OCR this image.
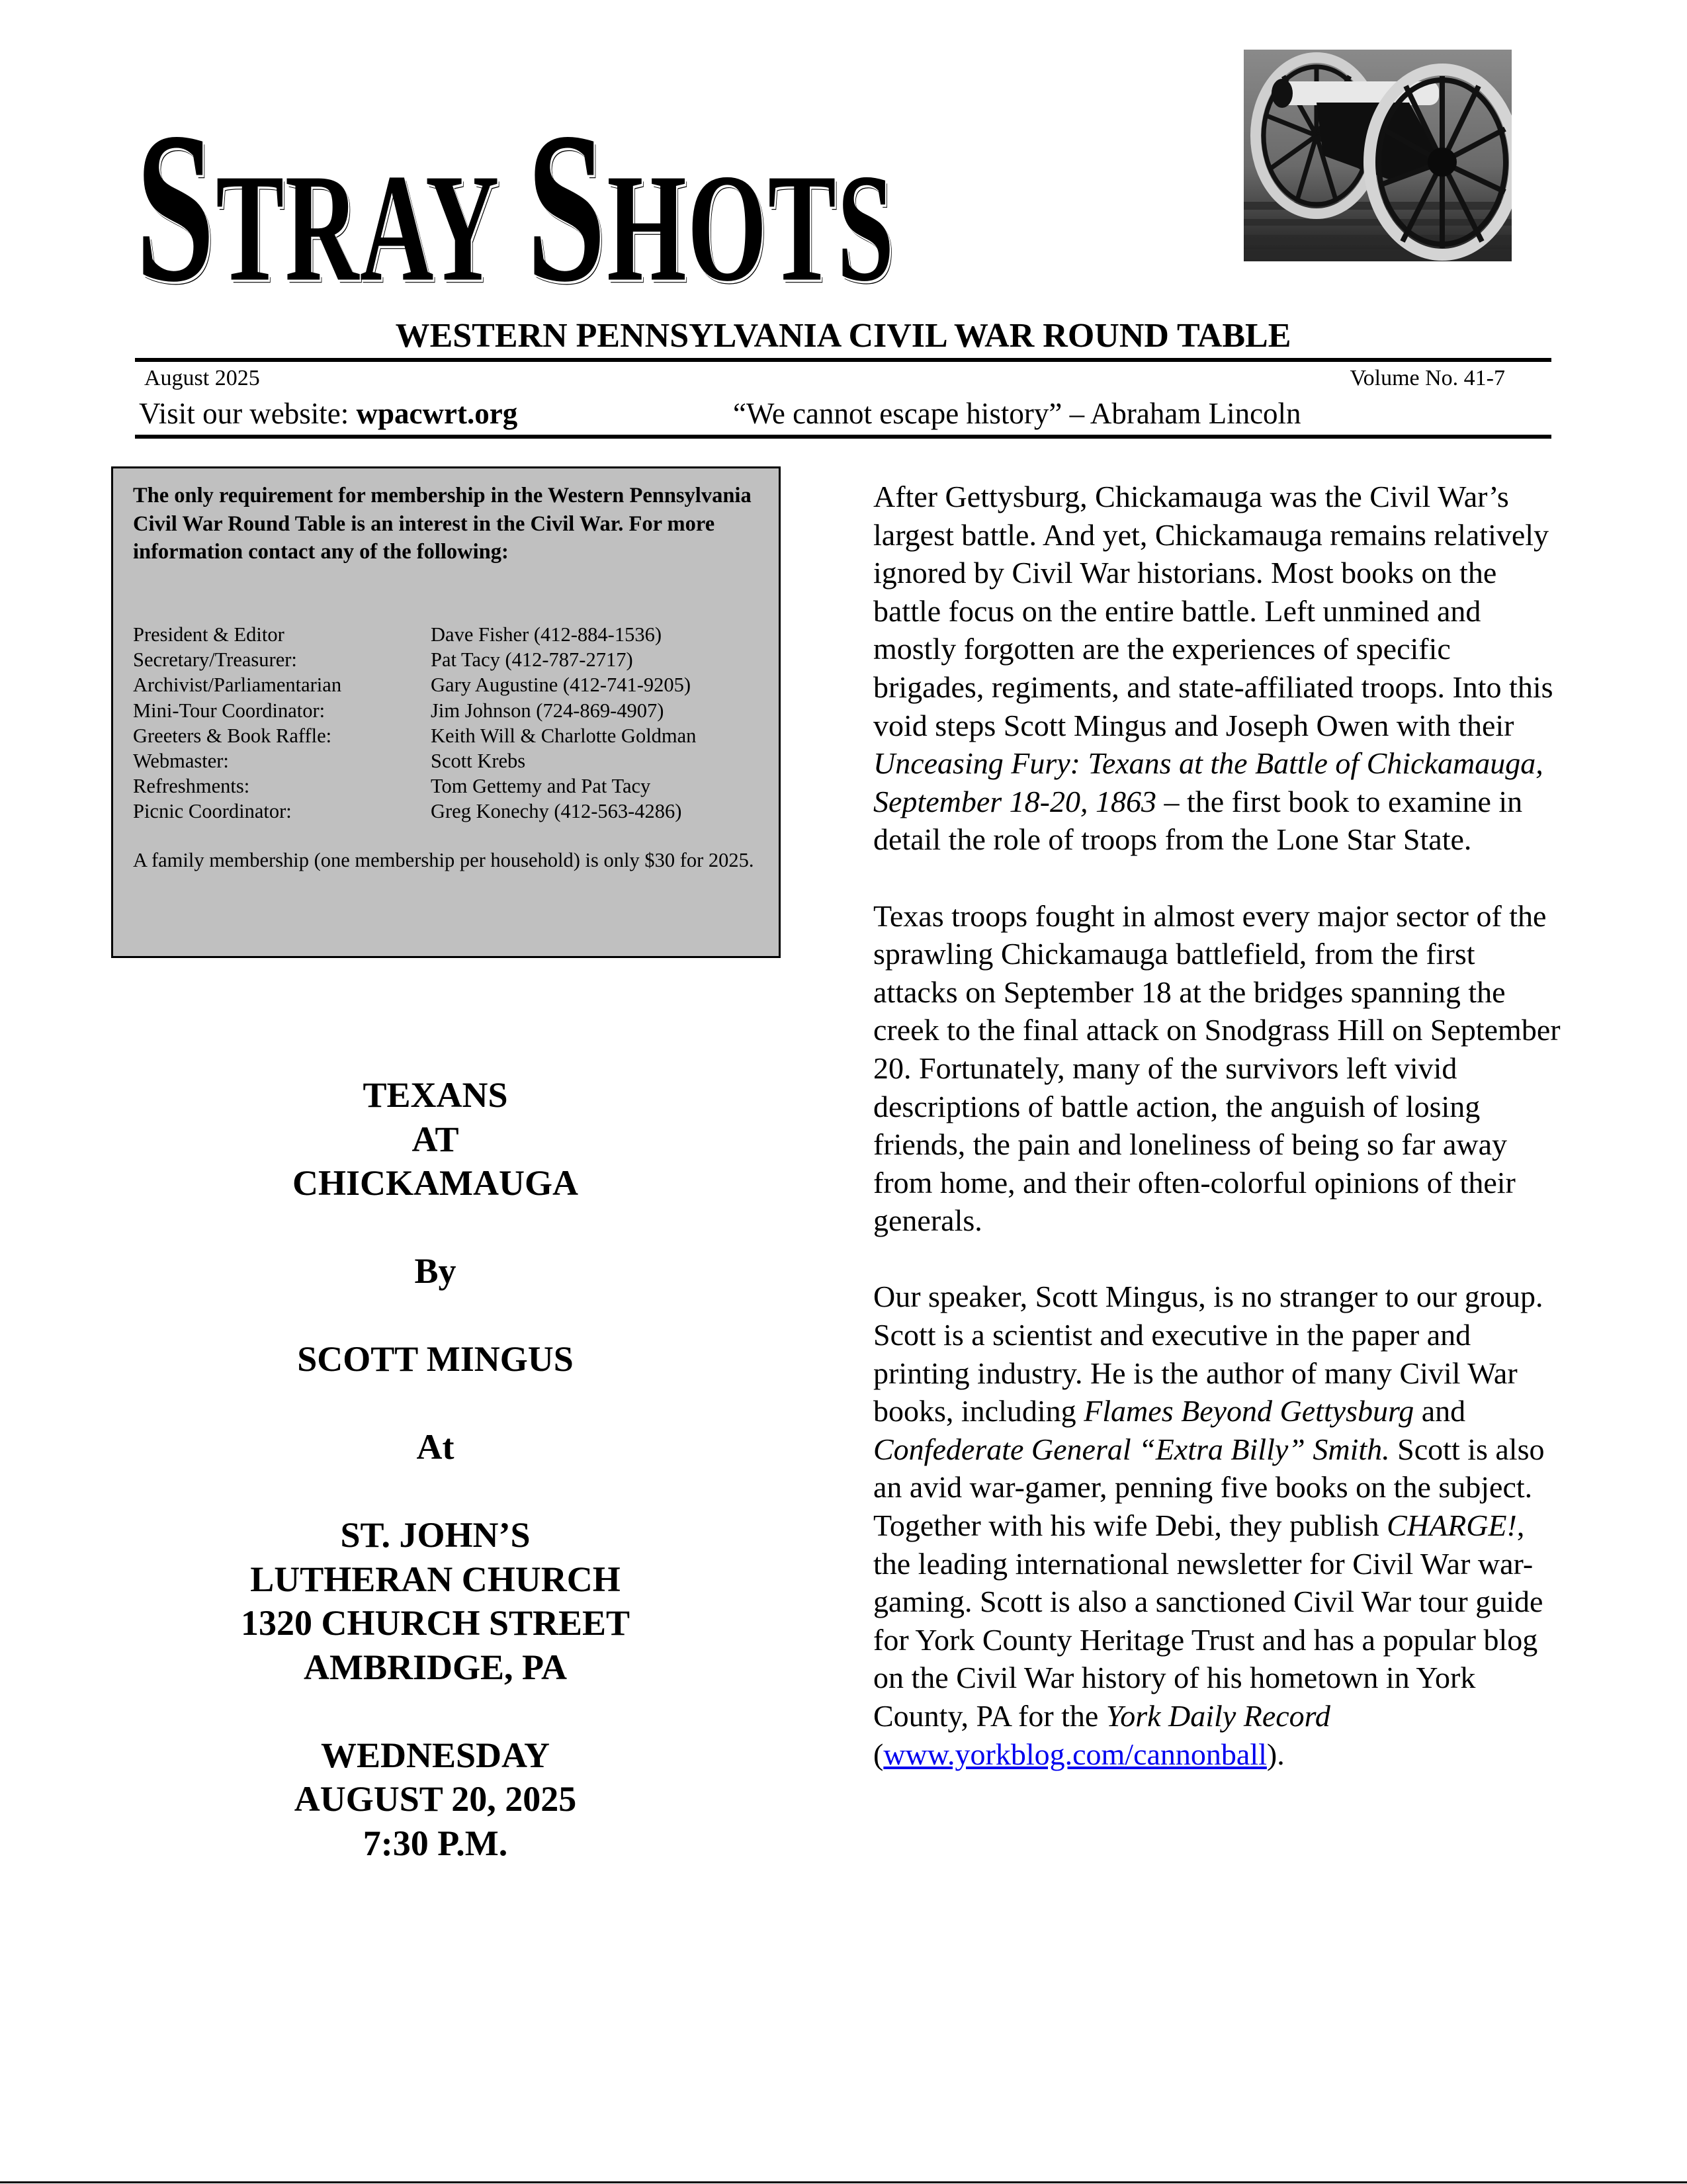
STRAY SHOTS
WESTERN PENNSYLVANIA CIVIL WAR ROUND TABLE
August 2025	Volume No. 41-7
Visit our website: wpacwrt.org	“We cannot escape history” – Abraham Lincoln
The only requirement for membership in the Western Pennsylvania Civil War Round Table is an interest in the Civil War. For more information contact any of the following:
President & Editor	Dave Fisher (412-884-1536)
Secretary/Treasurer:	Pat Tacy (412-787-2717)
Archivist/Parliamentarian	Gary Augustine (412-741-9205)
Mini-Tour Coordinator:	Jim Johnson (724-869-4907)
Greeters & Book Raffle:	Keith Will & Charlotte Goldman
Webmaster:	Scott Krebs
Refreshments:	Tom Gettemy and Pat Tacy
Picnic Coordinator:	Greg Konechy (412-563-4286)
A family membership (one membership per household) is only $30 for 2025.
TEXANS
AT
CHICKAMAUGA
By
SCOTT MINGUS
At
ST. JOHN’S
LUTHERAN CHURCH
1320 CHURCH STREET
AMBRIDGE, PA
WEDNESDAY
AUGUST 20, 2025
7:30 P.M.

After Gettysburg, Chickamauga was the Civil War’s largest battle. And yet, Chickamauga remains relatively ignored by Civil War historians. Most books on the battle focus on the entire battle. Left unmined and mostly forgotten are the experiences of specific brigades, regiments, and state-affiliated troops. Into this void steps Scott Mingus and Joseph Owen with their Unceasing Fury: Texans at the Battle of Chickamauga, September 18-20, 1863 – the first book to examine in detail the role of troops from the Lone Star State.

Texas troops fought in almost every major sector of the sprawling Chickamauga battlefield, from the first attacks on September 18 at the bridges spanning the creek to the final attack on Snodgrass Hill on September 20. Fortunately, many of the survivors left vivid descriptions of battle action, the anguish of losing friends, the pain and loneliness of being so far away from home, and their often-colorful opinions of their generals.

Our speaker, Scott Mingus, is no stranger to our group. Scott is a scientist and executive in the paper and printing industry. He is the author of many Civil War books, including Flames Beyond Gettysburg and Confederate General “Extra Billy” Smith. Scott is also an avid war-gamer, penning five books on the subject. Together with his wife Debi, they publish CHARGE!, the leading international newsletter for Civil War war-gaming. Scott is also a sanctioned Civil War tour guide for York County Heritage Trust and has a popular blog on the Civil War history of his hometown in York County, PA for the York Daily Record (www.yorkblog.com/cannonball).
